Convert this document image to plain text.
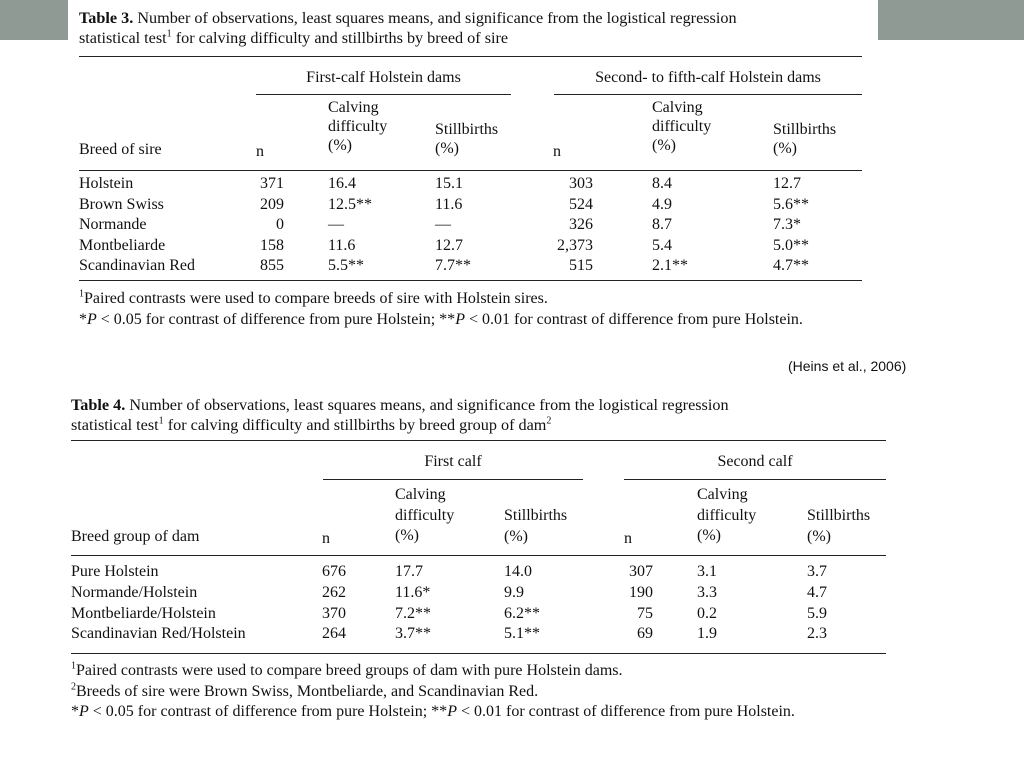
Table 3. Number of observations, least squares means, and significance from the logistical regression
statistical test$^1$ for calving difficulty and stillbirths by breed of sire

First-calf Holstein dams	Second- to fifth-calf Holstein dams
Breed of sire	n
Calving
difficulty
(%)
Stillbirths
(%)	n
Calving
difficulty
(%)
Stillbirths
(%)
Holstein	371	16.4	15.1	303	8.4	12.7
Brown Swiss	209	12.5**	11.6	524	4.9	5.6**
Normande	0	—	—	326	8.7	7.3*
Montbeliarde	158	11.6	12.7	2,373	5.4	5.0**
Scandinavian Red	855	5.5**	7.7**	515	2.1**	4.7**

$^1$Paired contrasts were used to compare breeds of sire with Holstein sires.

*P < 0.05 for contrast of difference from pure Holstein; **P < 0.01 for contrast of difference from pure Holstein.

(Heins et al., 2006)

Table 4. Number of observations, least squares means, and significance from the logistical regression
statistical test$^1$ for calving difficulty and stillbirths by breed group of dam$^2$

First calf	Second calf
Breed group of dam	n
Calving
difficulty
(%)
Stillbirths
(%)	n
Calving
difficulty
(%)
Stillbirths
(%)
Pure Holstein	676	17.7	14.0	307	3.1	3.7
Normande/Holstein	262	11.6*	9.9	190	3.3	4.7
Montbeliarde/Holstein	370	7.2**	6.2**	75	0.2	5.9
Scandinavian Red/Holstein	264	3.7**	5.1**	69	1.9	2.3

$^1$Paired contrasts were used to compare breed groups of dam with pure Holstein dams.

$^2$Breeds of sire were Brown Swiss, Montbeliarde, and Scandinavian Red.

*P < 0.05 for contrast of difference from pure Holstein; **P < 0.01 for contrast of difference from pure Holstein.
